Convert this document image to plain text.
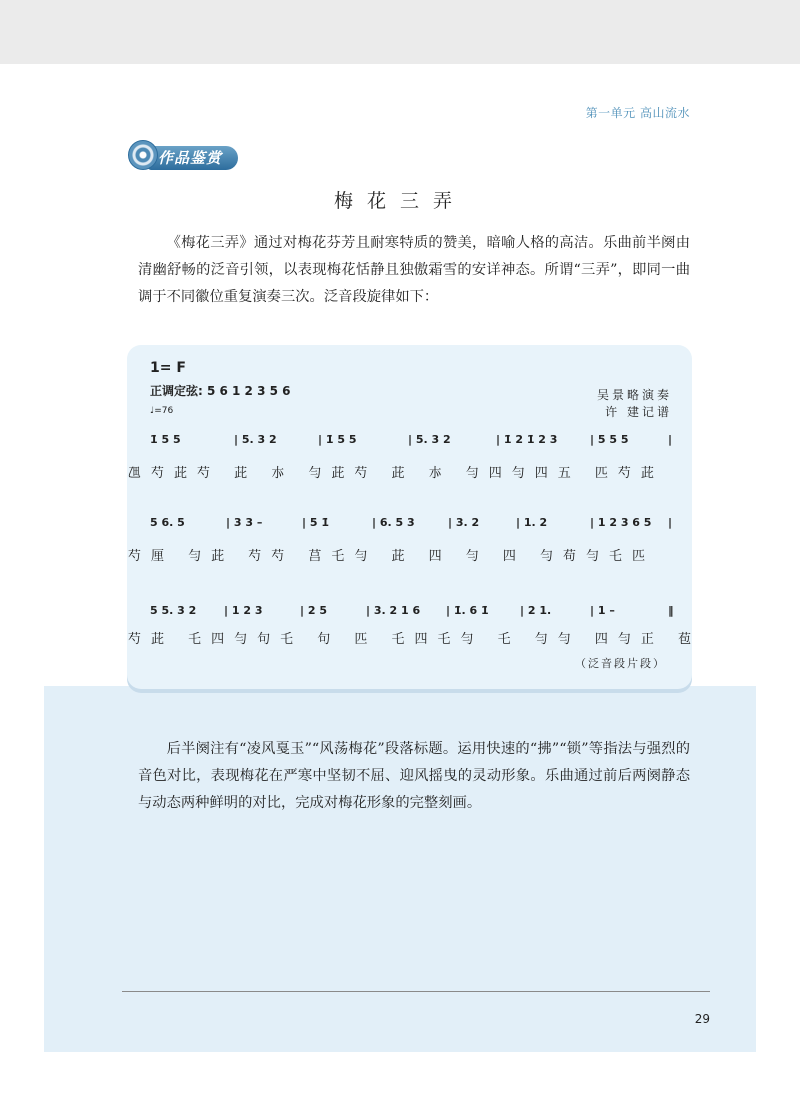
第一单元 高山流水
作品鉴赏
梅花三弄

《梅花三弄》通过对梅花芬芳且耐寒特质的赞美，暗喻人格的高洁。乐曲前半阕由清幽舒畅的泛音引领，以表现梅花恬静且独傲霜雪的安详神态。所谓“三弄”，即同一曲调于不同徽位重复演奏三次。泛音段旋律如下：

1= F
正调定弦: 5 6 1 2 3 5 6
♩=76
吴景略演奏
许 建记谱
1̇ 5 5	| 5. 3 2	| 1̇ 5 5	| 5. 3 2	| 1̇ 2 1̇ 2 3	| 5 5 5	|
乪芍茈芍 茈 㝳 勻茈芍 茈 㝳 勻四勻四五 匹芍茈
5 6. 5	| 3 3 –	| 5 1̇	| 6. 5 3	| 3. 2	| 1. 2	| 1 2 3 6 5 |
芍厘 勻茈 芍芍 莒乇勻 茈 四 勻 四 勻苟勻乇匹
5 5. 3 2	| 1 2 3	| 2 5	| 3. 2 1 6 | 1̇. 6 1̇	| 2 1.	| 1 –	‖
芍茈 乇四勻句乇 句 匹 乇四乇勻 乇 勻勻 四勻正 苞
（泛音段片段）

后半阕注有“凌风戛玉”“风荡梅花”段落标题。运用快速的“拂”“锁”等指法与强烈的音色对比，表现梅花在严寒中坚韧不屈、迎风摇曳的灵动形象。乐曲通过前后两阕静态与动态两种鲜明的对比，完成对梅花形象的完整刻画。

29
